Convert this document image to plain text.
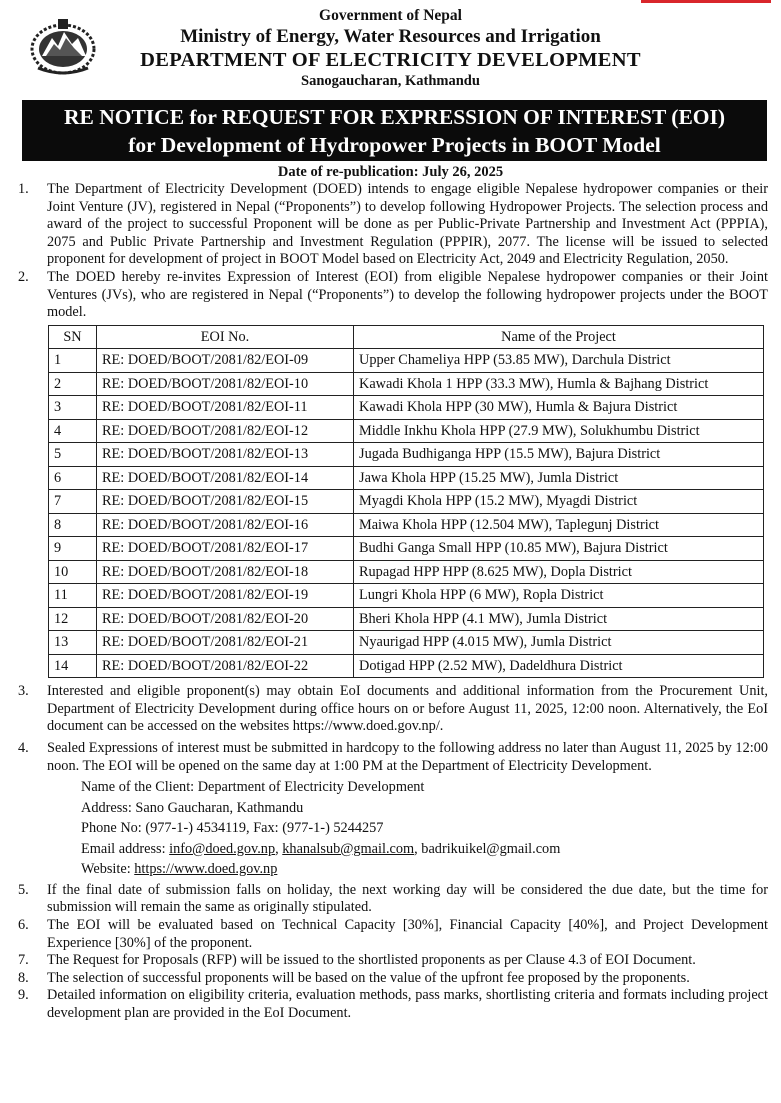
Government of Nepal
Ministry of Energy, Water Resources and Irrigation
DEPARTMENT OF ELECTRICITY DEVELOPMENT
Sanogaucharan, Kathmandu
RE NOTICE for REQUEST FOR EXPRESSION OF INTEREST (EOI)
for Development of Hydropower Projects in BOOT Model
Date of re-publication: July 26, 2025
1. The Department of Electricity Development (DOED) intends to engage eligible Nepalese hydropower companies or their Joint Venture (JV), registered in Nepal (“Proponents”) to develop following Hydropower Projects. The selection process and award of the project to successful Proponent will be done as per Public-Private Partnership and Investment Act (PPPIA), 2075 and Public Private Partnership and Investment Regulation (PPPIR), 2077. The license will be issued to selected proponent for development of project in BOOT Model based on Electricity Act, 2049 and Electricity Regulation, 2050.
2. The DOED hereby re-invites Expression of Interest (EOI) from eligible Nepalese hydropower companies or their Joint Ventures (JVs), who are registered in Nepal (“Proponents”) to develop the following hydropower projects under the BOOT model.
SN	EOI No.	Name of the Project
1	RE: DOED/BOOT/2081/82/EOI-09	Upper Chameliya HPP (53.85 MW), Darchula District
2	RE: DOED/BOOT/2081/82/EOI-10	Kawadi Khola 1 HPP (33.3 MW), Humla & Bajhang District
3	RE: DOED/BOOT/2081/82/EOI-11	Kawadi Khola HPP (30 MW), Humla & Bajura District
4	RE: DOED/BOOT/2081/82/EOI-12	Middle Inkhu Khola HPP (27.9 MW), Solukhumbu District
5	RE: DOED/BOOT/2081/82/EOI-13	Jugada Budhiganga HPP (15.5 MW), Bajura District
6	RE: DOED/BOOT/2081/82/EOI-14	Jawa Khola HPP (15.25 MW), Jumla District
7	RE: DOED/BOOT/2081/82/EOI-15	Myagdi Khola HPP (15.2 MW), Myagdi District
8	RE: DOED/BOOT/2081/82/EOI-16	Maiwa Khola HPP (12.504 MW), Taplegunj District
9	RE: DOED/BOOT/2081/82/EOI-17	Budhi Ganga Small HPP (10.85 MW), Bajura District
10	RE: DOED/BOOT/2081/82/EOI-18	Rupagad HPP HPP (8.625 MW), Dopla District
11	RE: DOED/BOOT/2081/82/EOI-19	Lungri Khola HPP (6 MW), Ropla District
12	RE: DOED/BOOT/2081/82/EOI-20	Bheri Khola HPP (4.1 MW), Jumla District
13	RE: DOED/BOOT/2081/82/EOI-21	Nyaurigad HPP (4.015 MW), Jumla District
14	RE: DOED/BOOT/2081/82/EOI-22	Dotigad HPP (2.52 MW), Dadeldhura District
3. Interested and eligible proponent(s) may obtain EoI documents and additional information from the Procurement Unit, Department of Electricity Development during office hours on or before August 11, 2025, 12:00 noon. Alternatively, the EoI document can be accessed on the websites https://www.doed.gov.np/.
4. Sealed Expressions of interest must be submitted in hardcopy to the following address no later than August 11, 2025 by 12:00 noon. The EOI will be opened on the same day at 1:00 PM at the Department of Electricity Development.
Name of the Client: Department of Electricity Development
Address: Sano Gaucharan, Kathmandu
Phone No: (977-1-) 4534119, Fax: (977-1-) 5244257
Email address: info@doed.gov.np, khanalsub@gmail.com, badrikuikel@gmail.com
Website: https://www.doed.gov.np
5. If the final date of submission falls on holiday, the next working day will be considered the due date, but the time for submission will remain the same as originally stipulated.
6. The EOI will be evaluated based on Technical Capacity [30%], Financial Capacity [40%], and Project Development Experience [30%] of the proponent.
7. The Request for Proposals (RFP) will be issued to the shortlisted proponents as per Clause 4.3 of EOI Document.
8. The selection of successful proponents will be based on the value of the upfront fee proposed by the proponents.
9. Detailed information on eligibility criteria, evaluation methods, pass marks, shortlisting criteria and formats including project development plan are provided in the EoI Document.
